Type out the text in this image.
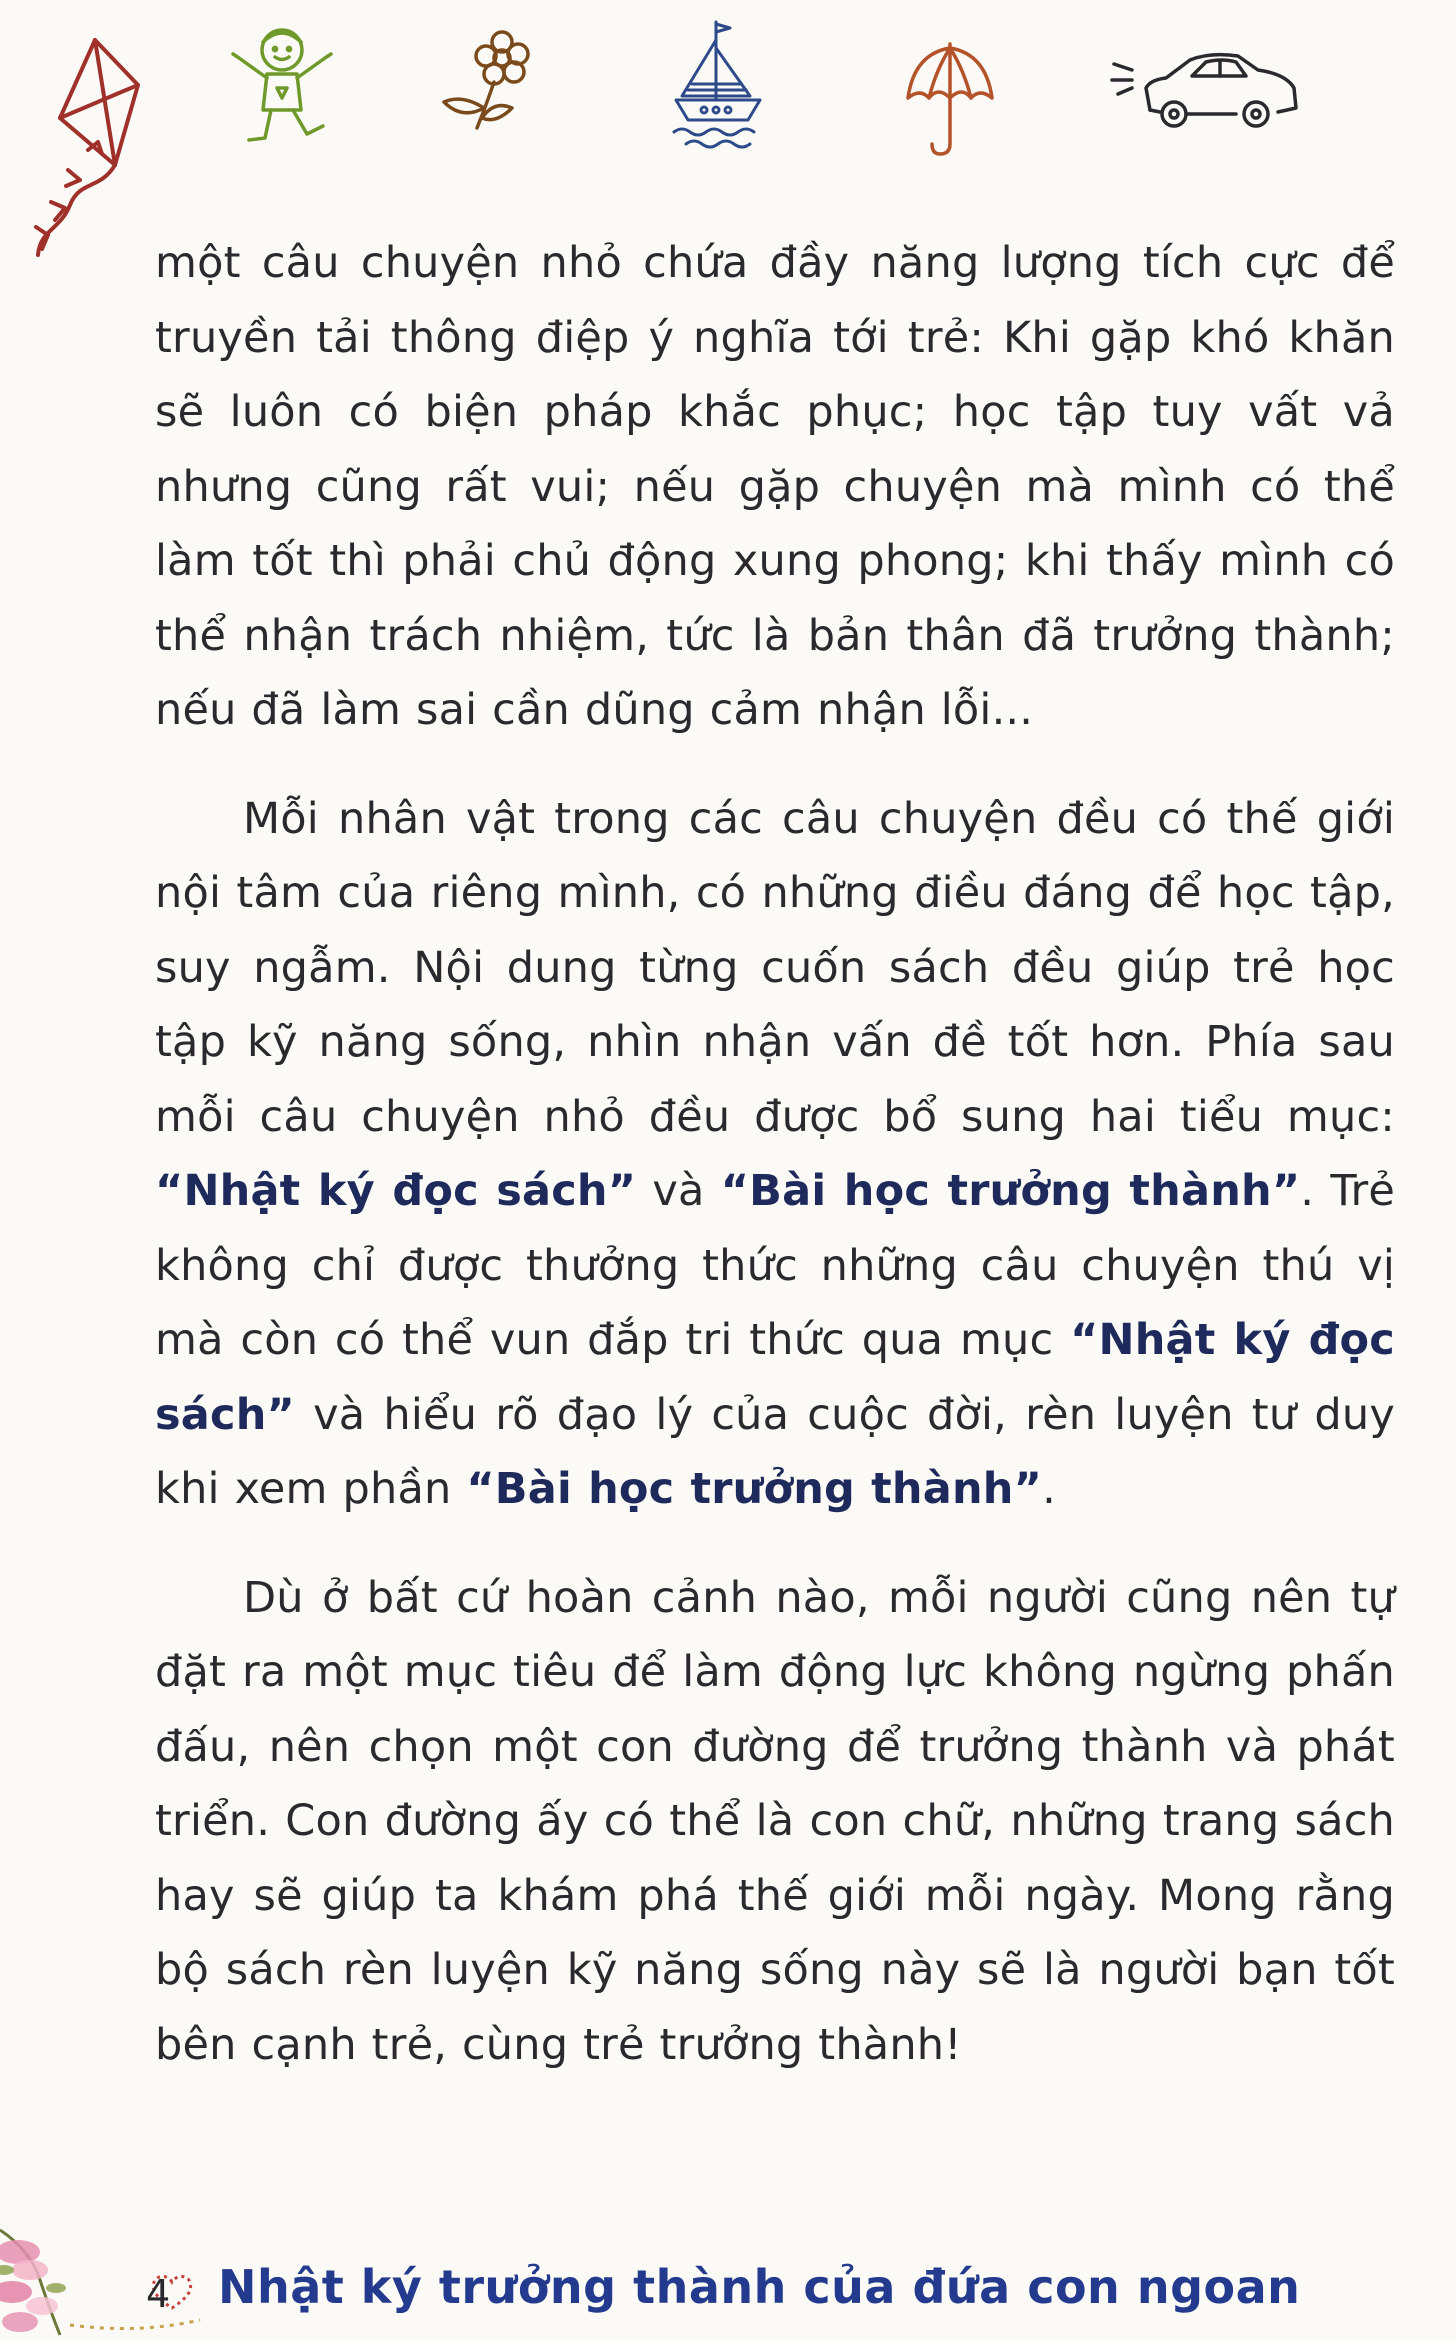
một câu chuyện nhỏ chứa đầy năng lượng tích cực để truyền tải thông điệp ý nghĩa tới trẻ: Khi gặp khó khăn sẽ luôn có biện pháp khắc phục; học tập tuy vất vả nhưng cũng rất vui; nếu gặp chuyện mà mình có thể làm tốt thì phải chủ động xung phong; khi thấy mình có thể nhận trách nhiệm, tức là bản thân đã trưởng thành; nếu đã làm sai cần dũng cảm nhận lỗi...

Mỗi nhân vật trong các câu chuyện đều có thế giới nội tâm của riêng mình, có những điều đáng để học tập, suy ngẫm. Nội dung từng cuốn sách đều giúp trẻ học tập kỹ năng sống, nhìn nhận vấn đề tốt hơn. Phía sau mỗi câu chuyện nhỏ đều được bổ sung hai tiểu mục: “Nhật ký đọc sách” và “Bài học trưởng thành”. Trẻ không chỉ được thưởng thức những câu chuyện thú vị mà còn có thể vun đắp tri thức qua mục “Nhật ký đọc sách” và hiểu rõ đạo lý của cuộc đời, rèn luyện tư duy khi xem phần “Bài học trưởng thành”.

Dù ở bất cứ hoàn cảnh nào, mỗi người cũng nên tự đặt ra một mục tiêu để làm động lực không ngừng phấn đấu, nên chọn một con đường để trưởng thành và phát triển. Con đường ấy có thể là con chữ, những trang sách hay sẽ giúp ta khám phá thế giới mỗi ngày. Mong rằng bộ sách rèn luyện kỹ năng sống này sẽ là người bạn tốt bên cạnh trẻ, cùng trẻ trưởng thành!

4 Nhật ký trưởng thành của đứa con ngoan
